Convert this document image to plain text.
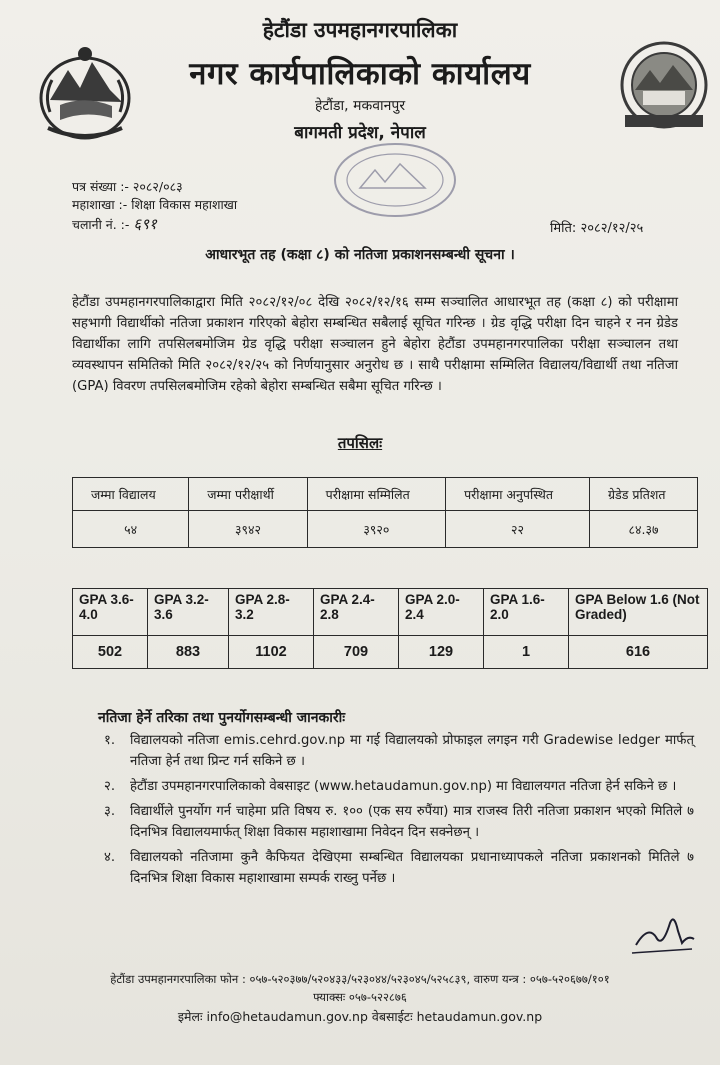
हेटौंडा उपमहानगरपालिका
नगर कार्यपालिकाको कार्यालय
हेटौंडा, मकवानपुर
बागमती प्रदेश, नेपाल
पत्र संख्या :- २०८२/०८३
महाशाखा :- शिक्षा विकास महाशाखा
चलानी नं. :- ६९१	मिति: २०८२/१२/२५
आधारभूत तह (कक्षा ८) को नतिजा प्रकाशनसम्बन्धी सूचना ।
हेटौंडा उपमहानगरपालिकाद्वारा मिति २०८२/१२/०८ देखि २०८२/१२/१६ सम्म सञ्चालित आधारभूत तह (कक्षा ८) को परीक्षामा सहभागी विद्यार्थीको नतिजा प्रकाशन गरिएको बेहोरा सम्बन्धित सबैलाई सूचित गरिन्छ । ग्रेड वृद्धि परीक्षा दिन चाहने र नन ग्रेडेड विद्यार्थीका लागि तपसिलबमोजिम ग्रेड वृद्धि परीक्षा सञ्चालन हुने बेहोरा हेटौंडा उपमहानगरपालिका परीक्षा सञ्चालन तथा व्यवस्थापन समितिको मिति २०८२/१२/२५ को निर्णयानुसार अनुरोध छ । साथै परीक्षामा सम्मिलित विद्यालय/विद्यार्थी तथा नतिजा (GPA) विवरण तपसिलबमोजिम रहेको बेहोरा सम्बन्धित सबैमा सूचित गरिन्छ ।
तपसिलः
जम्मा विद्यालय	जम्मा परीक्षार्थी	परीक्षामा सम्मिलित	परीक्षामा अनुपस्थित	ग्रेडेड प्रतिशत
५४	३९४२	३९२०	२२	८४.३७
GPA 3.6-4.0	GPA 3.2-3.6	GPA 2.8-3.2	GPA 2.4-2.8	GPA 2.0-2.4	GPA 1.6-2.0	GPA Below 1.6 (Not Graded)
502	883	1102	709	129	1	616
नतिजा हेर्ने तरिका तथा पुनर्योगसम्बन्धी जानकारीः
१. विद्यालयको नतिजा emis.cehrd.gov.np मा गई विद्यालयको प्रोफाइल लगइन गरी Gradewise ledger मार्फत् नतिजा हेर्न तथा प्रिन्ट गर्न सकिने छ ।
२. हेटौंडा उपमहानगरपालिकाको वेबसाइट (www.hetaudamun.gov.np) मा विद्यालयगत नतिजा हेर्न सकिने छ ।
३. विद्यार्थीले पुनर्योग गर्न चाहेमा प्रति विषय रु. १०० (एक सय रुपैंया) मात्र राजस्व तिरी नतिजा प्रकाशन भएको मितिले ७ दिनभित्र विद्यालयमार्फत् शिक्षा विकास महाशाखामा निवेदन दिन सक्नेछन् ।
४. विद्यालयको नतिजामा कुनै कैफियत देखिएमा सम्बन्धित विद्यालयका प्रधानाध्यापकले नतिजा प्रकाशनको मितिले ७ दिनभित्र शिक्षा विकास महाशाखामा सम्पर्क राख्नु पर्नेछ ।
हेटौंडा उपमहानगरपालिका फोन : ०५७-५२०३७७/५२०४३३/५२३०४४/५२३०४५/५२५८३९, वारुण यन्त्र : ०५७-५२०६७७/१०१
फ्याक्सः ०५७-५२२८७६
इमेलः info@hetaudamun.gov.np वेबसाईटः hetaudamun.gov.np
